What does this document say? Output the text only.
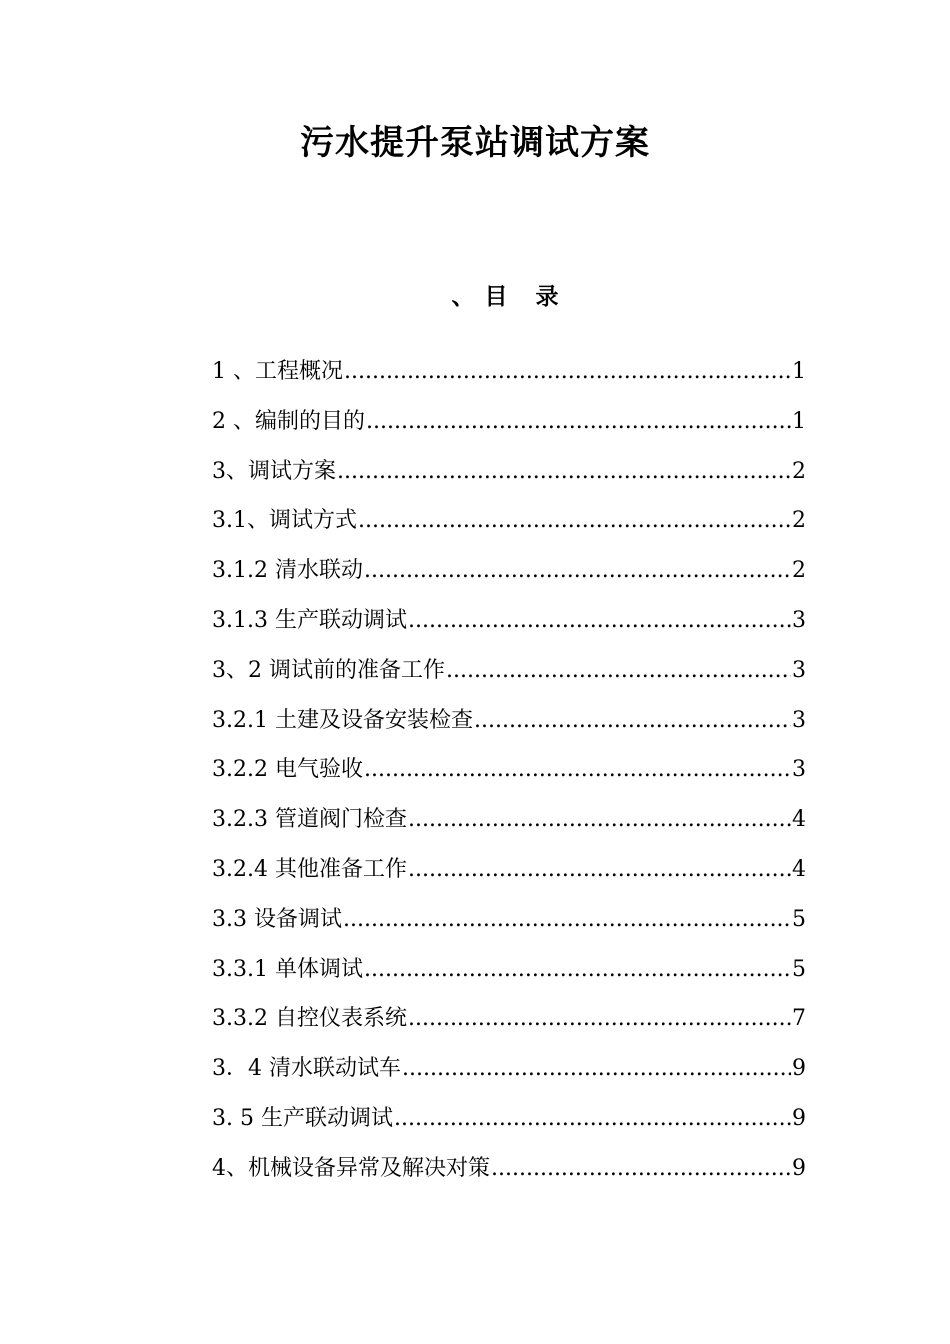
污水提升泵站调试方案
、目 录
1 、工程概况 .....	1
2 、编制的目的 .....	1
3、调试方案 .....	2
3.1、调试方式 .....	2
3.1.2 清水联动 .....	2
3.1.3 生产联动调试 .....	3
3、2 调试前的准备工作 .....	3
3.2.1 土建及设备安装检查 .....	3
3.2.2 电气验收 .....	3
3.2.3 管道阀门检查 .....	4
3.2.4 其他准备工作 .....	4
3.3 设备调试 .....	5
3.3.1 单体调试 .....	5
3.3.2 自控仪表系统 .....	7
3．4 清水联动试车 .....	9
3. 5 生产联动调试 .....	9
4、机械设备异常及解决对策 .....	9
